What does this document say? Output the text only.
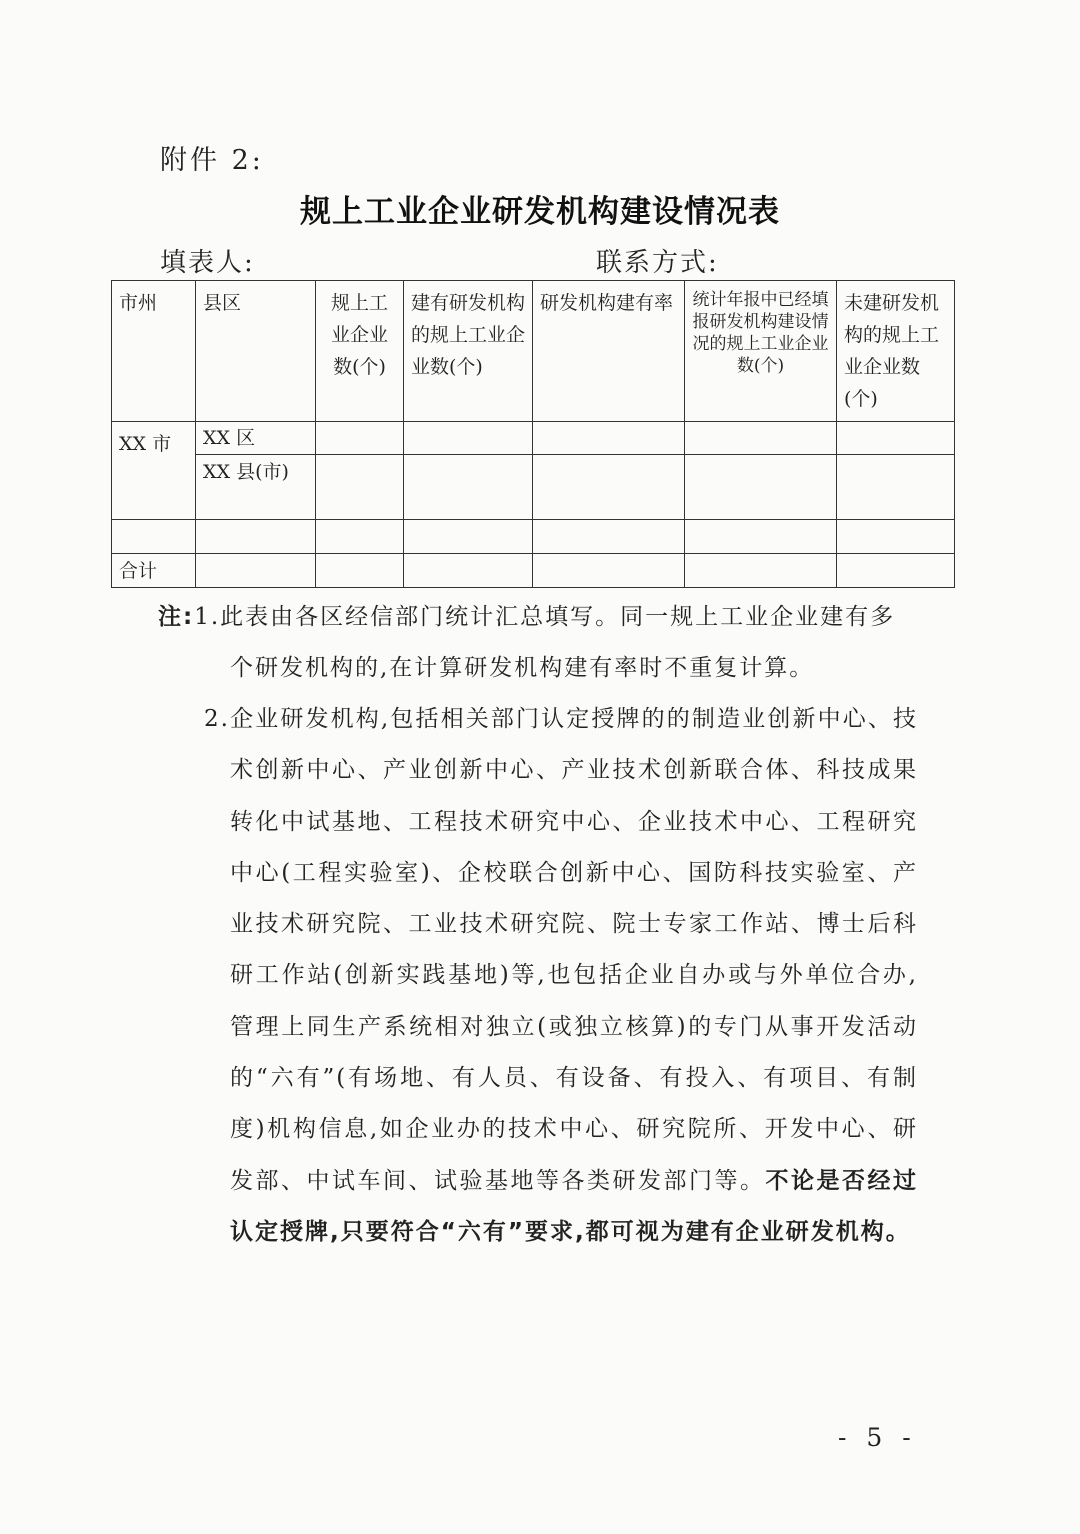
附件 2:
规上工业企业研发机构建设情况表
填表人:	联系方式:
市州	县区	规上工业企业数(个)	建有研发机构的规上工业企业数(个)	研发机构建有率	统计年报中已经填报研发机构建设情况的规上工业企业数(个)	未建研发机构的规上工业企业数(个)
XX 市	XX 区					
	XX 县(市)					

合计						
注:1.此表由各区经信部门统计汇总填写。同一规上工业企业建有多
个研发机构的,在计算研发机构建有率时不重复计算。
2.企业研发机构,包括相关部门认定授牌的的制造业创新中心、技术创新中心、产业创新中心、产业技术创新联合体、科技成果转化中试基地、工程技术研究中心、企业技术中心、工程研究中心(工程实验室)、企校联合创新中心、国防科技实验室、产业技术研究院、工业技术研究院、院士专家工作站、博士后科研工作站(创新实践基地)等,也包括企业自办或与外单位合办,管理上同生产系统相对独立(或独立核算)的专门从事开发活动的“六有”(有场地、有人员、有设备、有投入、有项目、有制度)机构信息,如企业办的技术中心、研究院所、开发中心、研发部、中试车间、试验基地等各类研发部门等。不论是否经过认定授牌,只要符合“六有”要求,都可视为建有企业研发机构。
- 5 -
